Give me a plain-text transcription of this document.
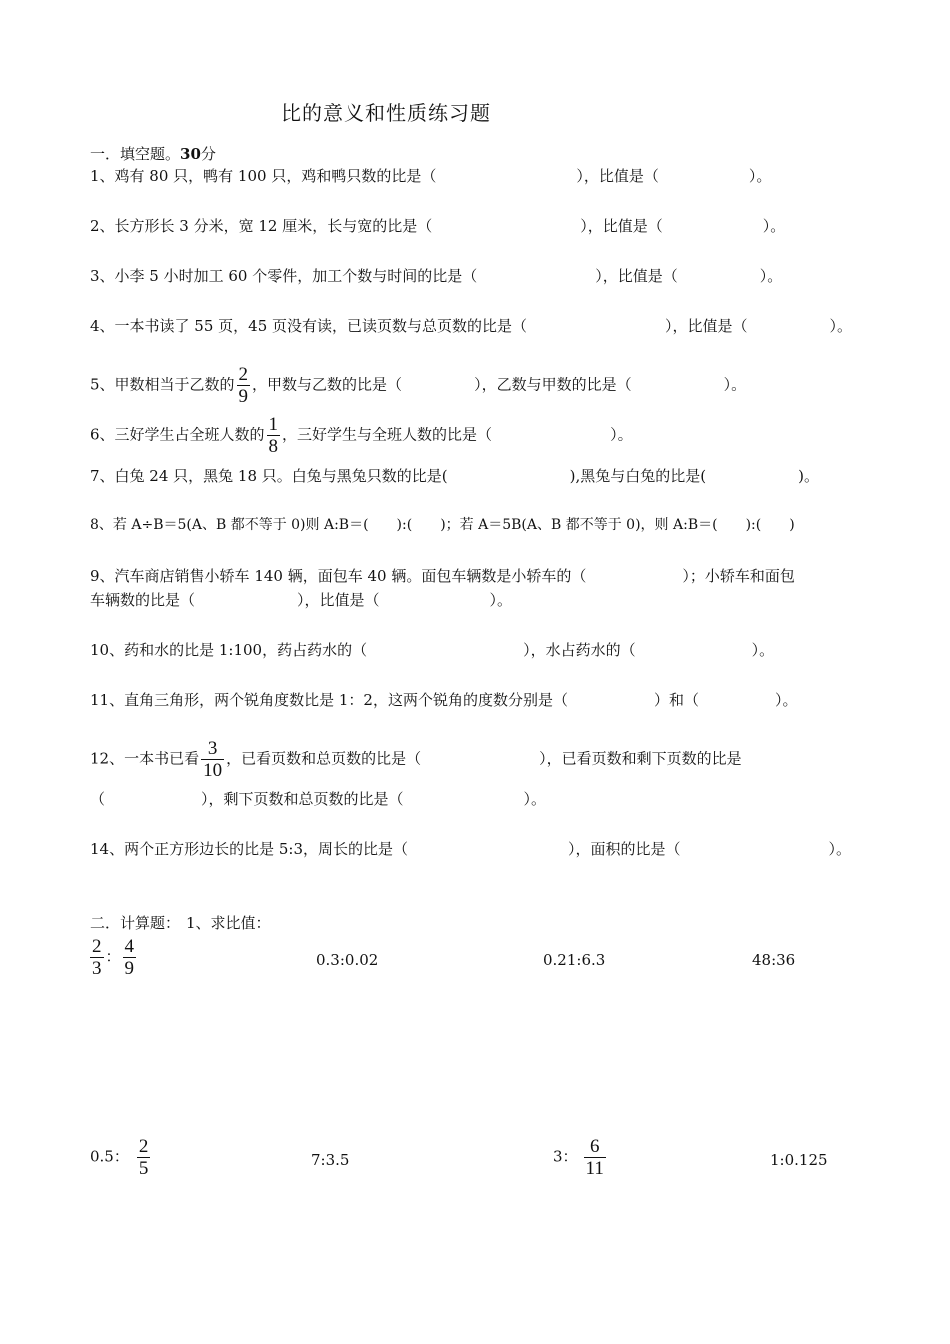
比的意义和性质练习题
一．填空题。30分
1、鸡有 80 只，鸭有 100 只，鸡和鸭只数的比是（	），比值是（	）。
2、长方形长 3 分米，宽 12 厘米，长与宽的比是（	），比值是（	）。
3、小李 5 小时加工 60 个零件，加工个数与时间的比是（	），比值是（	）。
4、一本书读了 55 页，45 页没有读，已读页数与总页数的比是（	），比值是（	）。
5、甲数相当于乙数的 $\frac{2}{9}$ ，甲数与乙数的比是（	），乙数与甲数的比是（	）。
6、三好学生占全班人数的 $\frac{1}{8}$ ，三好学生与全班人数的比是（	）。
7、白兔 24 只，黑兔 18 只。白兔与黑兔只数的比是(	),黑兔与白兔的比是(	)。
8、若 A÷B＝5(A、B 都不等于 0)则 A:B＝(　　):(　　)；若 A＝5B(A、B 都不等于 0)，则 A:B＝(　　):(　　)
9、汽车商店销售小轿车 140 辆，面包车 40 辆。面包车辆数是小轿车的（	）；小轿车和面包
车辆数的比是（	），比值是（	）。
10、药和水的比是 1:100，药占药水的（	），水占药水的（	）。
11、直角三角形，两个锐角度数比是 1：2，这两个锐角的度数分别是（	）和（	）。
12、一本书已看 $\frac{3}{10}$ ，已看页数和总页数的比是（	），已看页数和剩下页数的比是
（	），剩下页数和总页数的比是（	）。
14、两个正方形边长的比是 5:3，周长的比是（	），面积的比是（	）。
二．计算题： 1、求比值：
$\frac{2}{3}$ ： $\frac{4}{9}$	0.3:0.02	0.21:6.3	48:36
0.5： $\frac{2}{5}$	7:3.5	3： $\frac{6}{11}$	1:0.125
